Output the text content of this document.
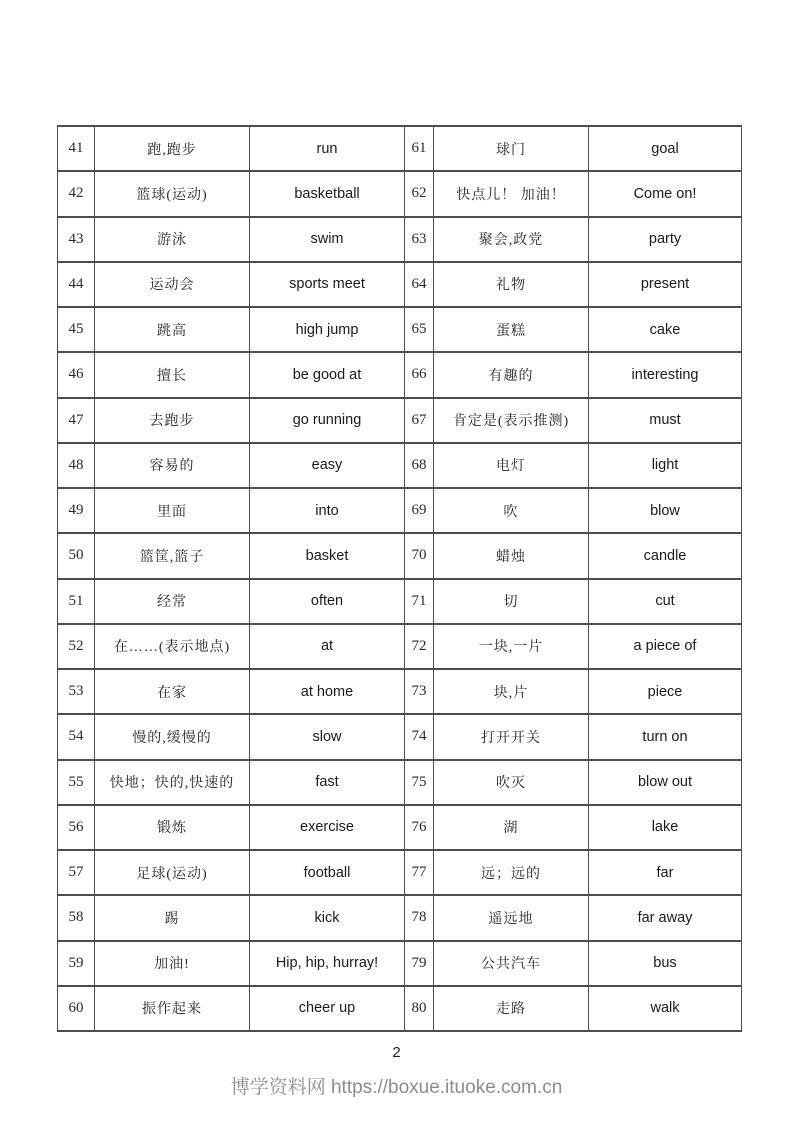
41	跑,跑步	run	61	球门	goal
42	篮球(运动)	basketball	62	快点儿！ 加油！	Come on!
43	游泳	swim	63	聚会,政党	party
44	运动会	sports meet	64	礼物	present
45	跳高	high jump	65	蛋糕	cake
46	擅长	be good at	66	有趣的	interesting
47	去跑步	go running	67	肯定是(表示推测)	must
48	容易的	easy	68	电灯	light
49	里面	into	69	吹	blow
50	篮筐,篮子	basket	70	蜡烛	candle
51	经常	often	71	切	cut
52	在……(表示地点)	at	72	一块,一片	a piece of
53	在家	at home	73	块,片	piece
54	慢的,缓慢的	slow	74	打开开关	turn on
55	快地；快的,快速的	fast	75	吹灭	blow out
56	锻炼	exercise	76	湖	lake
57	足球(运动)	football	77	远；远的	far
58	踢	kick	78	遥远地	far away
59	加油!	Hip, hip, hurray!	79	公共汽车	bus
60	振作起来	cheer up	80	走路	walk
2
博学资料网 https://boxue.ituoke.com.cn
